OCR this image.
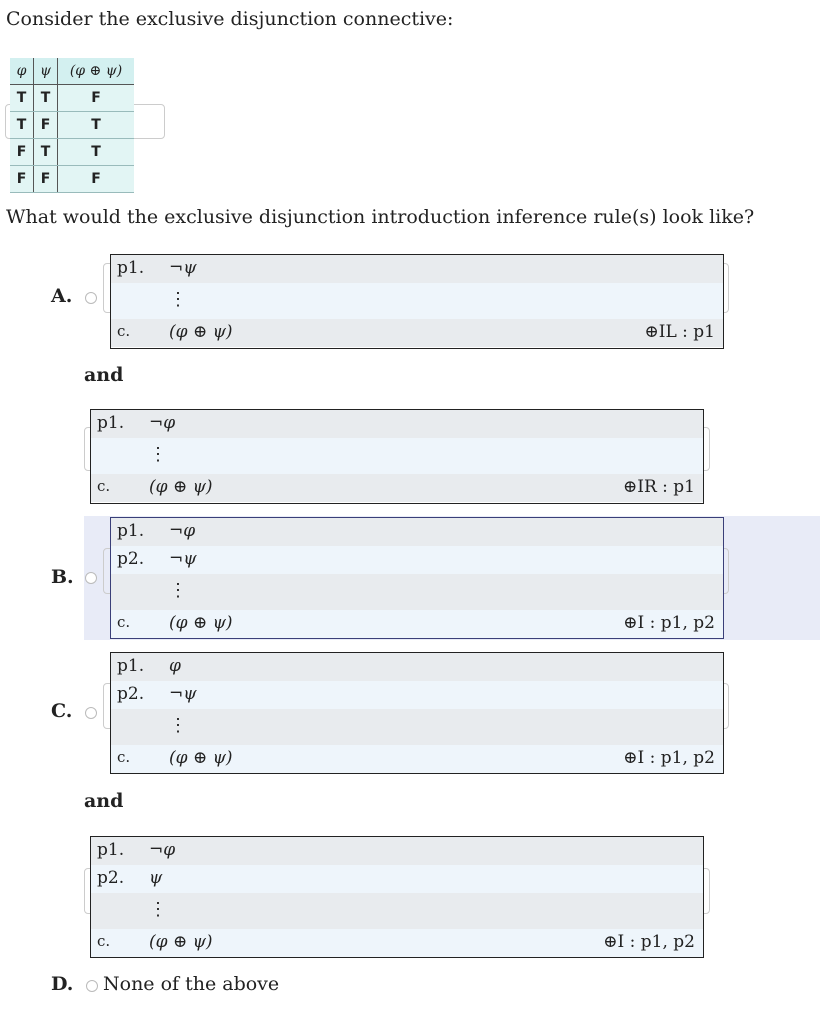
Consider the exclusive disjunction connective:
φ	ψ	(φ ⊕ ψ)
T	T	F
T	F	T
F	T	T
F	F	F
What would the exclusive disjunction introduction inference rule(s) look like?
A.
p1. ¬ψ
⋮
c. (φ ⊕ ψ)	⊕IL : p1
and
p1. ¬φ
⋮
c. (φ ⊕ ψ)	⊕IR : p1
B.
p1. ¬φ
p2. ¬ψ
⋮
c. (φ ⊕ ψ)	⊕I : p1, p2
C.
p1. φ
p2. ¬ψ
⋮
c. (φ ⊕ ψ)	⊕I : p1, p2
and
p1. ¬φ
p2. ψ
⋮
c. (φ ⊕ ψ)	⊕I : p1, p2
D. None of the above
